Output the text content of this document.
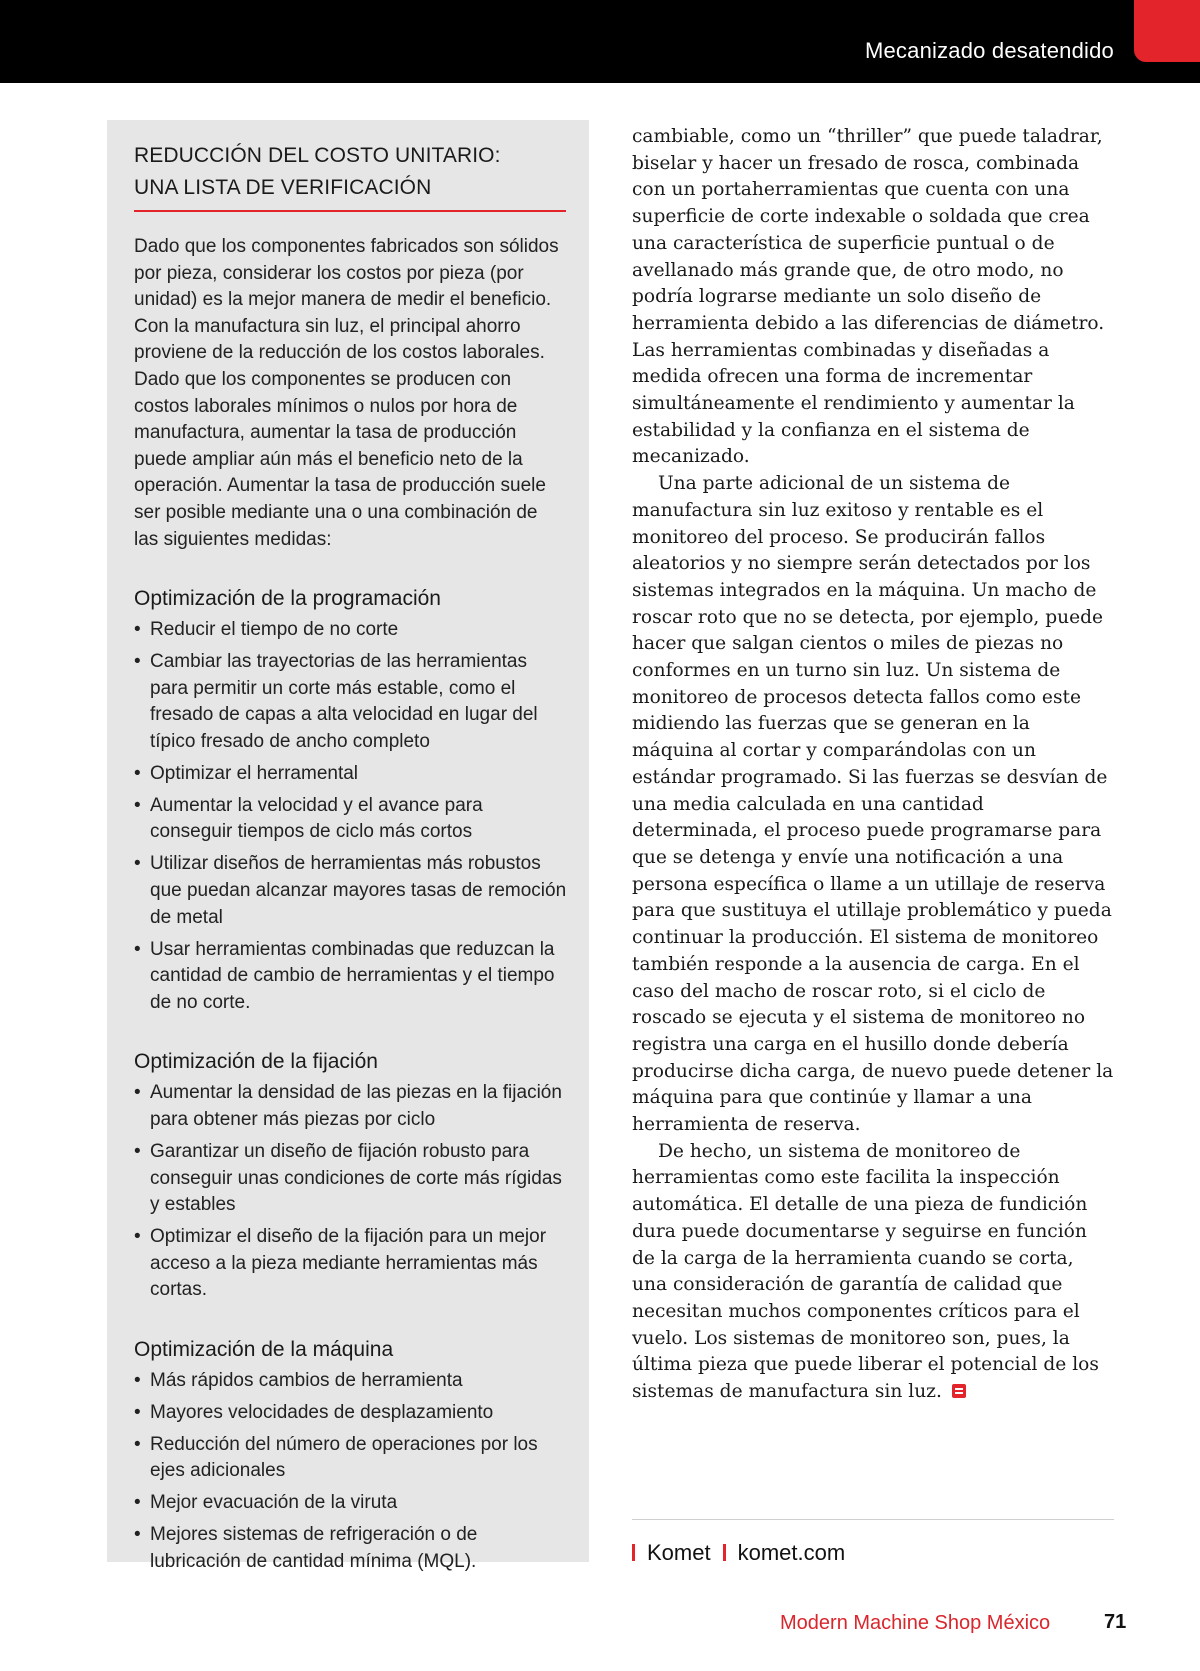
Mecanizado desatendido
REDUCCIÓN DEL COSTO UNITARIO:
UNA LISTA DE VERIFICACIÓN

Dado que los componentes fabricados son sólidos por pieza, considerar los costos por pieza (por unidad) es la mejor manera de medir el beneficio. Con la manufactura sin luz, el principal ahorro proviene de la reducción de los costos laborales. Dado que los componentes se producen con costos laborales mínimos o nulos por hora de manufactura, aumentar la tasa de producción puede ampliar aún más el beneficio neto de la operación. Aumentar la tasa de producción suele ser posible mediante una o una combinación de las siguientes medidas:

Optimización de la programación
• Reducir el tiempo de no corte
• Cambiar las trayectorias de las herramientas para permitir un corte más estable, como el fresado de capas a alta velocidad en lugar del típico fresado de ancho completo
• Optimizar el herramental
• Aumentar la velocidad y el avance para conseguir tiempos de ciclo más cortos
• Utilizar diseños de herramientas más robustos que puedan alcanzar mayores tasas de remoción de metal
• Usar herramientas combinadas que reduzcan la cantidad de cambio de herramientas y el tiempo de no corte.
Optimización de la fijación
• Aumentar la densidad de las piezas en la fijación para obtener más piezas por ciclo
• Garantizar un diseño de fijación robusto para conseguir unas condiciones de corte más rígidas y estables
• Optimizar el diseño de la fijación para un mejor acceso a la pieza mediante herramientas más cortas.
Optimización de la máquina
• Más rápidos cambios de herramienta
• Mayores velocidades de desplazamiento
• Reducción del número de operaciones por los ejes adicionales
• Mejor evacuación de la viruta
• Mejores sistemas de refrigeración o de lubricación de cantidad mínima (MQL).

cambiable, como un “thriller” que puede taladrar, biselar y hacer un fresado de rosca, combinada con un portaherramientas que cuenta con una superficie de corte indexable o soldada que crea una característica de superficie puntual o de avellanado más grande que, de otro modo, no podría lograrse mediante un solo diseño de herramienta debido a las diferencias de diámetro. Las herramientas combinadas y diseñadas a medida ofrecen una forma de incrementar simultáneamente el rendimiento y aumentar la estabilidad y la confianza en el sistema de mecanizado.

Una parte adicional de un sistema de manufactura sin luz exitoso y rentable es el monitoreo del proceso. Se producirán fallos aleatorios y no siempre serán detectados por los sistemas integrados en la máquina. Un macho de roscar roto que no se detecta, por ejemplo, puede hacer que salgan cientos o miles de piezas no conformes en un turno sin luz. Un sistema de monitoreo de procesos detecta fallos como este midiendo las fuerzas que se generan en la máquina al cortar y comparándolas con un estándar programado. Si las fuerzas se desvían de una media calculada en una cantidad determinada, el proceso puede programarse para que se detenga y envíe una notificación a una persona específica o llame a un utillaje de reserva para que sustituya el utillaje problemático y pueda continuar la producción. El sistema de monitoreo también responde a la ausencia de carga. En el caso del macho de roscar roto, si el ciclo de roscado se ejecuta y el sistema de monitoreo no registra una carga en el husillo donde debería producirse dicha carga, de nuevo puede detener la máquina para que continúe y llamar a una herramienta de reserva.

De hecho, un sistema de monitoreo de herramientas como este facilita la inspección automática. El detalle de una pieza de fundición dura puede documentarse y seguirse en función de la carga de la herramienta cuando se corta, una consideración de garantía de calidad que necesitan muchos componentes críticos para el vuelo. Los sistemas de monitoreo son, pues, la última pieza que puede liberar el potencial de los sistemas de manufactura sin luz.

Komet komet.com
Modern Machine Shop México	71
